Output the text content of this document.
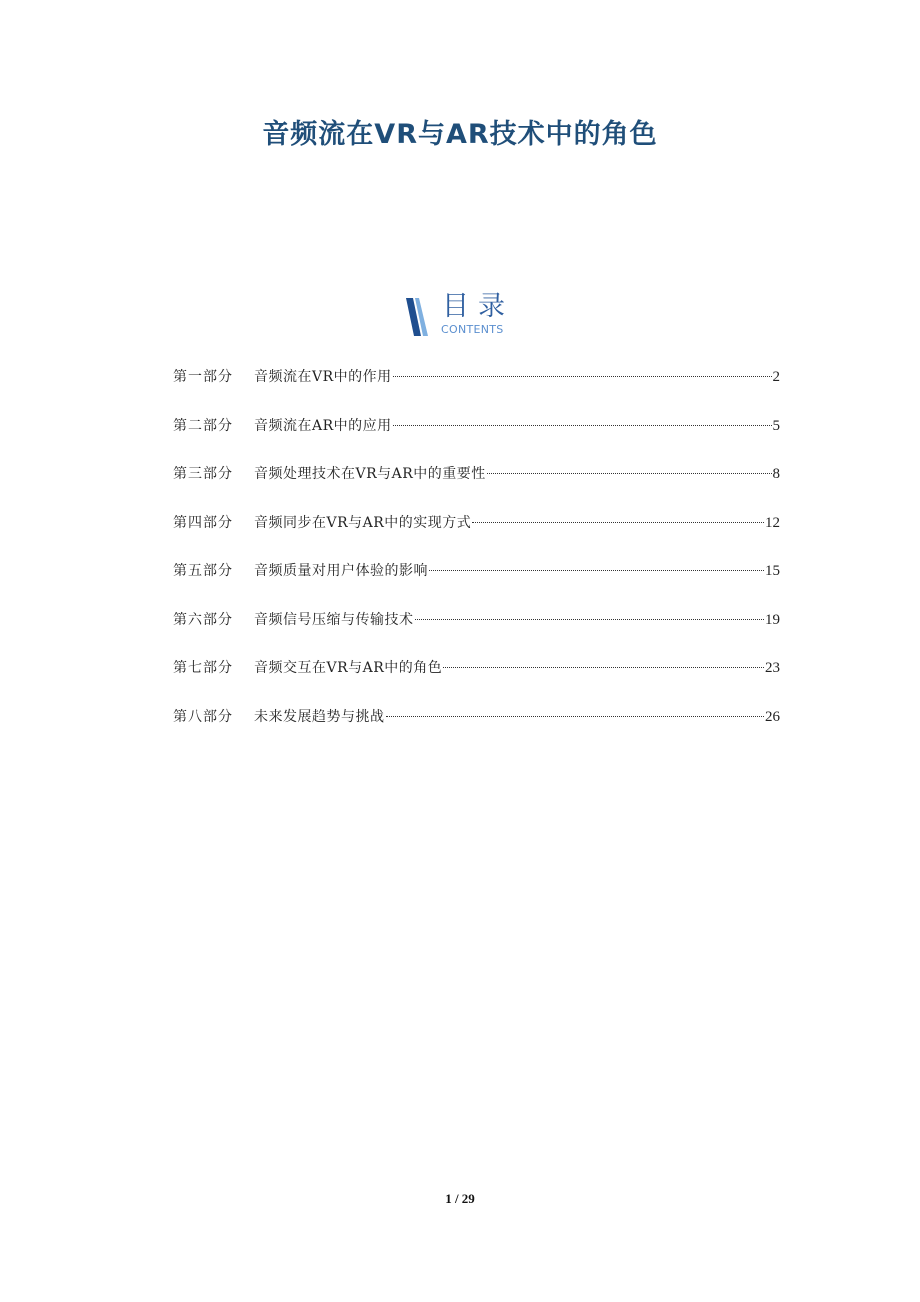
音频流在VR与AR技术中的角色
目录
CONTENTS
第一部分	音频流在VR中的作用	2
第二部分	音频流在AR中的应用	5
第三部分	音频处理技术在VR与AR中的重要性	8
第四部分	音频同步在VR与AR中的实现方式	12
第五部分	音频质量对用户体验的影响	15
第六部分	音频信号压缩与传输技术	19
第七部分	音频交互在VR与AR中的角色	23
第八部分	未来发展趋势与挑战	26
1 / 29
